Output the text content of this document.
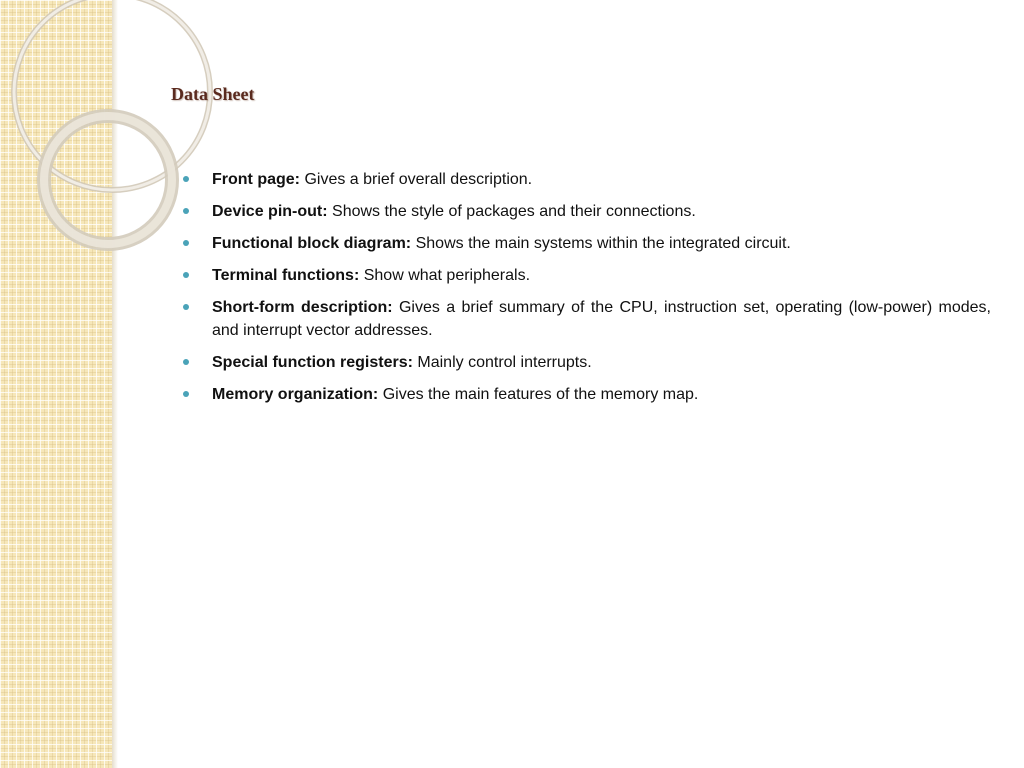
Data Sheet
Front page: Gives a brief overall description.
Device pin-out: Shows the style of packages and their connections.
Functional block diagram: Shows the main systems within the integrated circuit.
Terminal functions: Show what peripherals.
Short-form description: Gives a brief summary of the CPU, instruction set, operating (low-power) modes, and interrupt vector addresses.
Special function registers: Mainly control interrupts.
Memory organization: Gives the main features of the memory map.
